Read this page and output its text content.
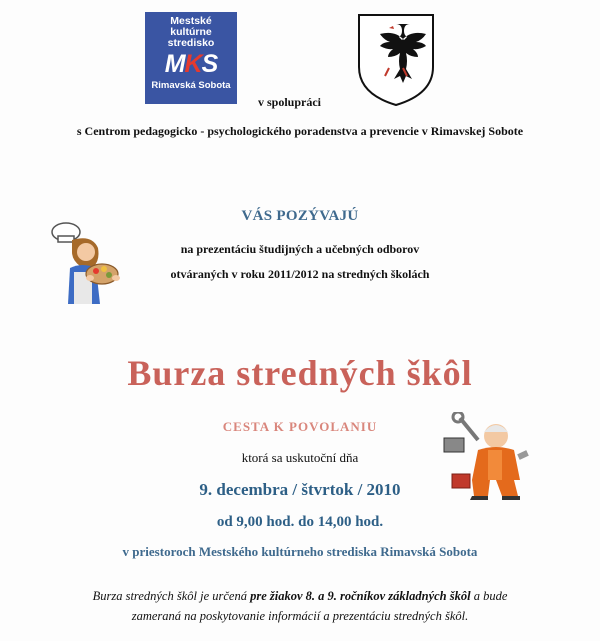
Mestské
kultúrne
stredisko
MKS
Rimavská Sobota
v spolupráci
s Centrom pedagogicko - psychologického poradenstva a prevencie v Rimavskej Sobote
VÁS POZÝVAJÚ
na prezentáciu študijných a učebných odborov
otváraných v roku 2011/2012 na stredných školách
Burza stredných škôl
CESTA K POVOLANIU
ktorá sa uskutoční dňa
9. decembra / štvrtok / 2010
od 9,00 hod. do 14,00 hod.
v priestoroch Mestského kultúrneho strediska Rimavská Sobota
Burza stredných škôl je určená pre žiakov 8. a 9. ročníkov základných škôl a bude
zameraná na poskytovanie informácií a prezentáciu stredných škôl.
